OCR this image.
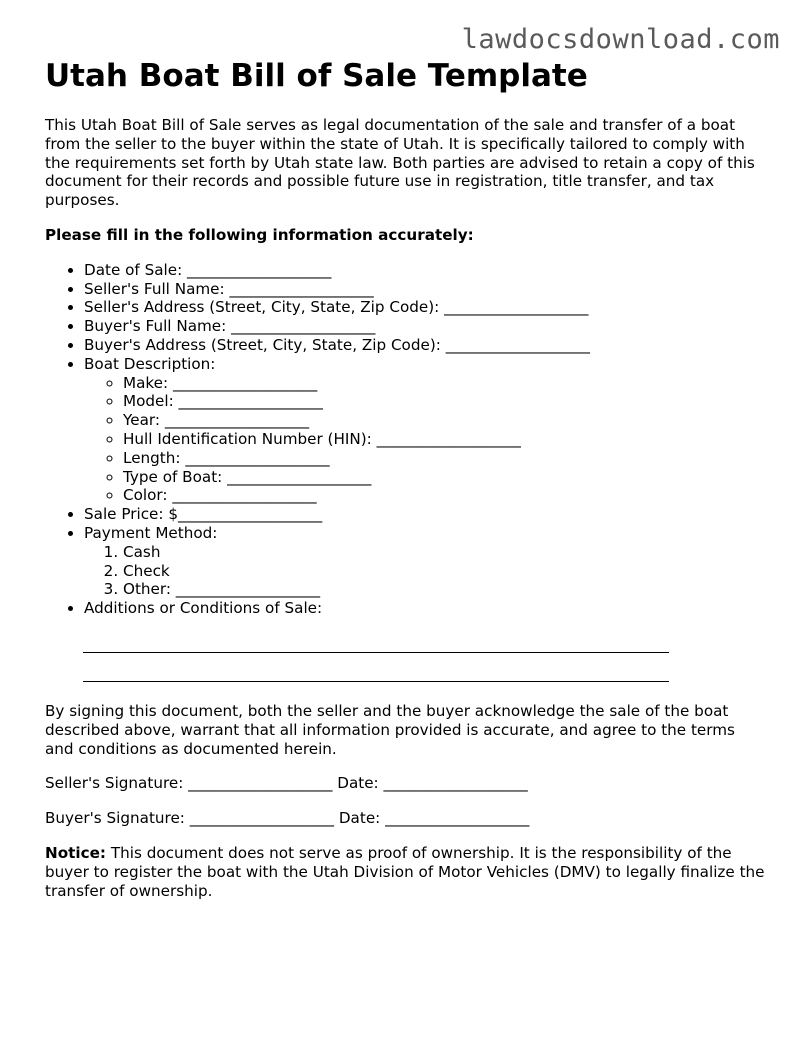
lawdocsdownload.com
Utah Boat Bill of Sale Template

This Utah Boat Bill of Sale serves as legal documentation of the sale and transfer of a boat from the seller to the buyer within the state of Utah. It is specifically tailored to comply with the requirements set forth by Utah state law. Both parties are advised to retain a copy of this document for their records and possible future use in registration, title transfer, and tax purposes.

Please fill in the following information accurately:

• Date of Sale: ___________________
• Seller's Full Name: ___________________
• Seller's Address (Street, City, State, Zip Code): ___________________
• Buyer's Full Name: ___________________
• Buyer's Address (Street, City, State, Zip Code): ___________________
• Boat Description:
◦ Make: ___________________
◦ Model: ___________________
◦ Year: ___________________
◦ Hull Identification Number (HIN): ___________________
◦ Length: ___________________
◦ Type of Boat: ___________________
◦ Color: ___________________
• Sale Price: $___________________
• Payment Method:
1. Cash
2. Check
3. Other: ___________________
• Additions or Conditions of Sale:

By signing this document, both the seller and the buyer acknowledge the sale of the boat described above, warrant that all information provided is accurate, and agree to the terms and conditions as documented herein.

Seller's Signature: ___________________ Date: ___________________

Buyer's Signature: ___________________ Date: ___________________

Notice: This document does not serve as proof of ownership. It is the responsibility of the buyer to register the boat with the Utah Division of Motor Vehicles (DMV) to legally finalize the transfer of ownership.
